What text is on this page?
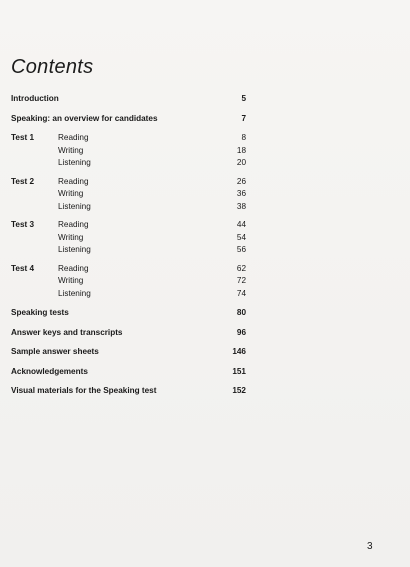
Contents
Introduction	5
Speaking: an overview for candidates	7
Test 1	Reading	8
Writing	18
Listening	20
Test 2	Reading	26
Writing	36
Listening	38
Test 3	Reading	44
Writing	54
Listening	56
Test 4	Reading	62
Writing	72
Listening	74
Speaking tests	80
Answer keys and transcripts	96
Sample answer sheets	146
Acknowledgements	151
Visual materials for the Speaking test	152
3
